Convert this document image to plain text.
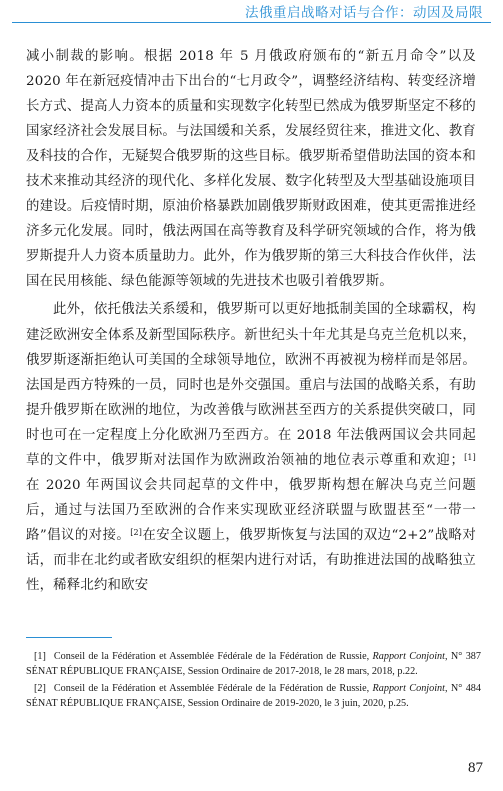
法俄重启战略对话与合作：动因及局限

减小制裁的影响。根据 2018 年 5 月俄政府颁布的“新五月命令”以及 2020 年在新冠疫情冲击下出台的“七月政令”，调整经济结构、转变经济增长方式、提高人力资本的质量和实现数字化转型已然成为俄罗斯坚定不移的国家经济社会发展目标。与法国缓和关系，发展经贸往来，推进文化、教育及科技的合作，无疑契合俄罗斯的这些目标。俄罗斯希望借助法国的资本和技术来推动其经济的现代化、多样化发展、数字化转型及大型基础设施项目的建设。后疫情时期，原油价格暴跌加剧俄罗斯财政困难，使其更需推进经济多元化发展。同时，俄法两国在高等教育及科学研究领域的合作，将为俄罗斯提升人力资本质量助力。此外，作为俄罗斯的第三大科技合作伙伴，法国在民用核能、绿色能源等领域的先进技术也吸引着俄罗斯。

此外，依托俄法关系缓和，俄罗斯可以更好地抵制美国的全球霸权，构建泛欧洲安全体系及新型国际秩序。新世纪头十年尤其是乌克兰危机以来，俄罗斯逐渐拒绝认可美国的全球领导地位，欧洲不再被视为榜样而是邻居。法国是西方特殊的一员，同时也是外交强国。重启与法国的战略关系，有助提升俄罗斯在欧洲的地位，为改善俄与欧洲甚至西方的关系提供突破口，同时也可在一定程度上分化欧洲乃至西方。在 2018 年法俄两国议会共同起草的文件中，俄罗斯对法国作为欧洲政治领袖的地位表示尊重和欢迎；[1] 在 2020 年两国议会共同起草的文件中，俄罗斯构想在解决乌克兰问题后，通过与法国乃至欧洲的合作来实现欧亚经济联盟与欧盟甚至“一带一路”倡议的对接。[2]在安全议题上，俄罗斯恢复与法国的双边“2+2”战略对话，而非在北约或者欧安组织的框架内进行对话，有助推进法国的战略独立性，稀释北约和欧安

[1] Conseil de la Fédération et Assemblée Fédérale de la Fédération de Russie, Rapport Conjoint, N° 387 SÉNAT RÉPUBLIQUE FRANÇAISE, Session Ordinaire de 2017-2018, le 28 mars, 2018, p.22.

[2] Conseil de la Fédération et Assemblée Fédérale de la Fédération de Russie, Rapport Conjoint, N° 484 SÉNAT RÉPUBLIQUE FRANÇAISE, Session Ordinaire de 2019-2020, le 3 juin, 2020, p.25.

87
